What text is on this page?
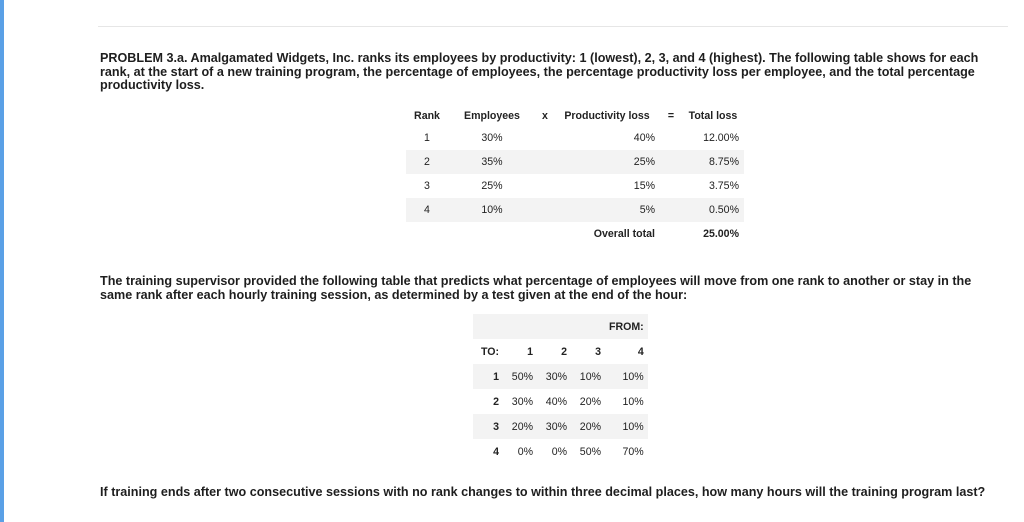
PROBLEM 3.a. Amalgamated Widgets, Inc. ranks its employees by productivity: 1 (lowest), 2, 3, and 4 (highest). The following table shows for each rank, at the start of a new training program, the percentage of employees, the percentage productivity loss per employee, and the total percentage productivity loss.

Rank	Employees	x	Productivity loss	=	Total loss
1	30%		40%		12.00%
2	35%		25%		8.75%
3	25%		15%		3.75%
4	10%		5%		0.50%
			Overall total		25.00%

The training supervisor provided the following table that predicts what percentage of employees will move from one rank to another or stay in the same rank after each hourly training session, as determined by a test given at the end of the hour:

				FROM:
TO:	1	2	3	4
1	50%	30%	10%	10%
2	30%	40%	20%	10%
3	20%	30%	20%	10%
4	0%	0%	50%	70%

If training ends after two consecutive sessions with no rank changes to within three decimal places, how many hours will the training program last?
